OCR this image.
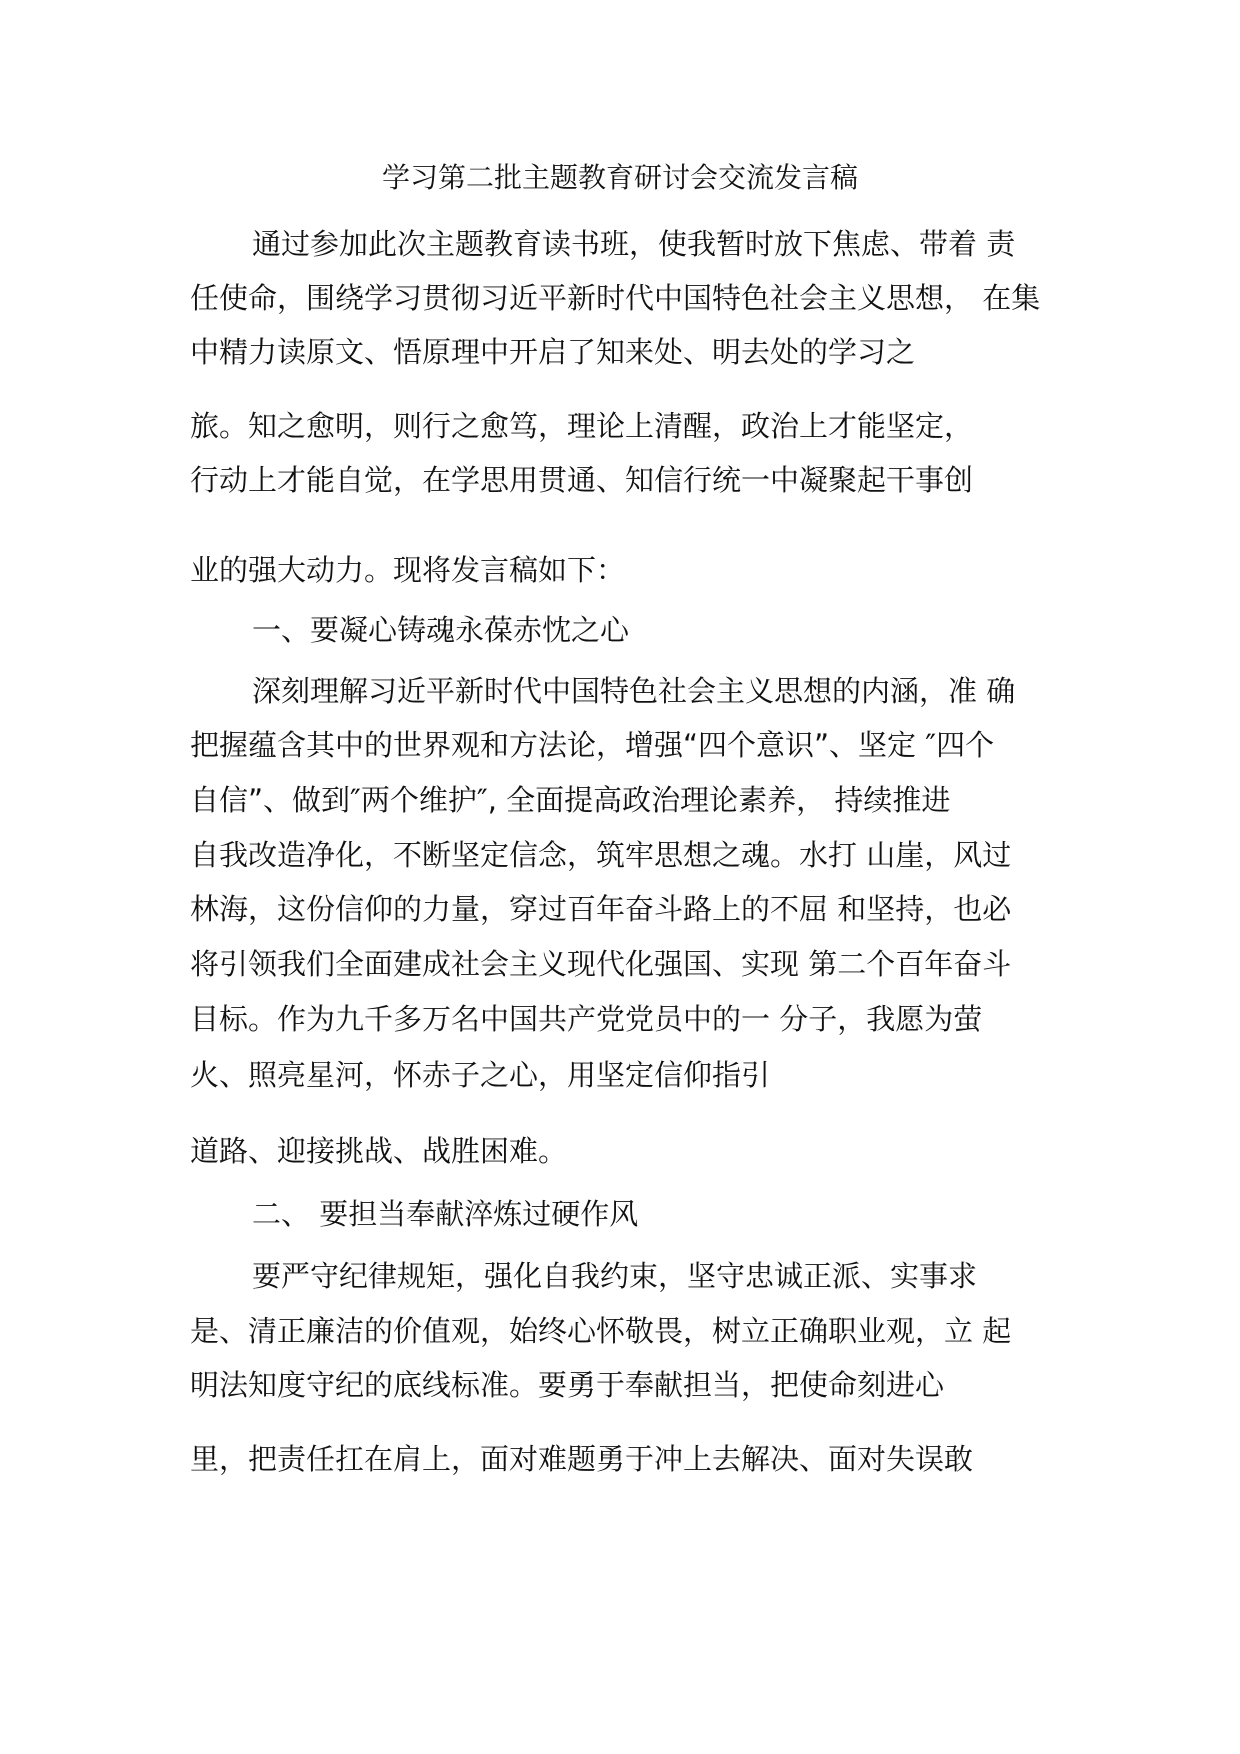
学习第二批主题教育研讨会交流发言稿
通过参加此次主题教育读书班，使我暂时放下焦虑、带着 责
任使命，围绕学习贯彻习近平新时代中国特色社会主义思想， 在集
中精力读原文、悟原理中开启了知来处、明去处的学习之
旅。知之愈明，则行之愈笃，理论上清醒，政治上才能坚定，
行动上才能自觉，在学思用贯通、知信行统一中凝聚起干事创
业的强大动力。现将发言稿如下：
一、要凝心铸魂永葆赤忱之心
深刻理解习近平新时代中国特色社会主义思想的内涵，准 确
把握蕴含其中的世界观和方法论，增强“四个意识”、坚定 ″四个
自信”、做到″两个维护″, 全面提高政治理论素养， 持续推进
自我改造净化，不断坚定信念，筑牢思想之魂。水打 山崖，风过
林海，这份信仰的力量，穿过百年奋斗路上的不屈 和坚持，也必
将引领我们全面建成社会主义现代化强国、实现 第二个百年奋斗
目标。作为九千多万名中国共产党党员中的一 分子，我愿为萤
火、照亮星河，怀赤子之心，用坚定信仰指引
道路、迎接挑战、战胜困难。
二、 要担当奉献淬炼过硬作风
要严守纪律规矩，强化自我约束，坚守忠诚正派、实事求
是、清正廉洁的价值观，始终心怀敬畏，树立正确职业观，立 起
明法知度守纪的底线标准。要勇于奉献担当，把使命刻进心
里，把责任扛在肩上，面对难题勇于冲上去解决、面对失误敢
